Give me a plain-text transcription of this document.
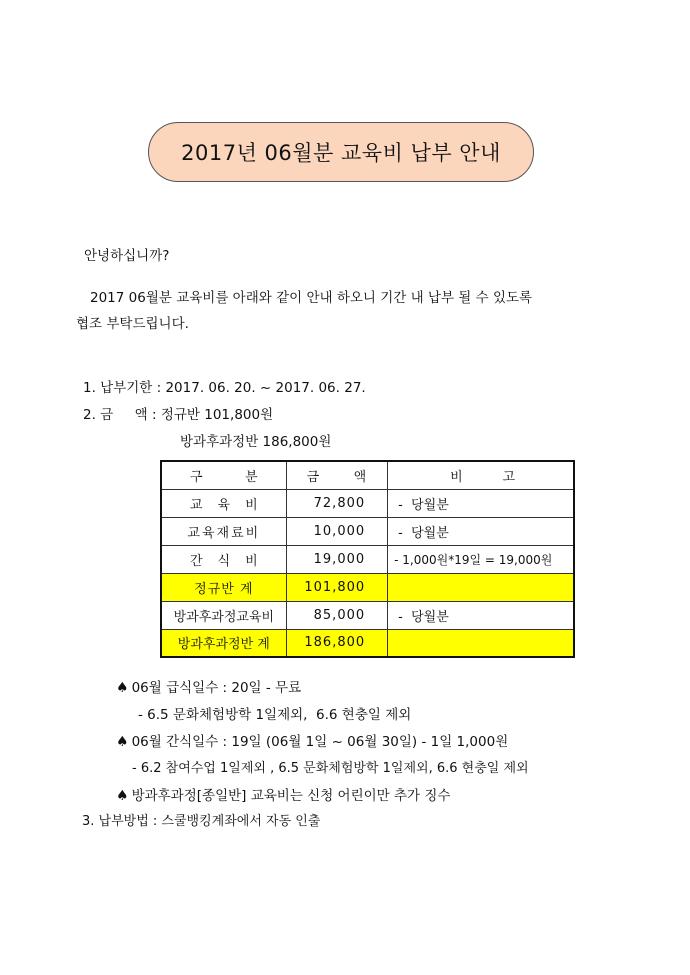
2017년 06월분 교육비 납부 안내
안녕하십니까?
2017 06월분 교육비를 아래와 같이 안내 하오니 기간 내 납부 될 수 있도록
협조 부탁드립니다.
1. 납부기한 : 2017. 06. 20. ~ 2017. 06. 27.
2. 금     액 : 정규반 101,800원
방과후과정반 186,800원
구 분	금 액	비 고

교 육 비	72,800	-  당월분
교육재료비	10,000	-  당월분

간 식 비	19,000	- 1,000원*19일 = 19,000원
정규반 계	101,800	
방과후과정교육비	85,000	-  당월분
방과후과정반 계	186,800	
♠ 06월 급식일수 : 20일 - 무료
- 6.5 문화체험방학 1일제외,  6.6 현충일 제외
♠ 06월 간식일수 : 19일 (06월 1일 ~ 06월 30일) - 1일 1,000원
- 6.2 참여수업 1일제외 , 6.5 문화체험방학 1일제외, 6.6 현충일 제외
♠ 방과후과정[종일반] 교육비는 신청 어린이만 추가 징수
3. 납부방법 : 스쿨뱅킹계좌에서 자동 인출
